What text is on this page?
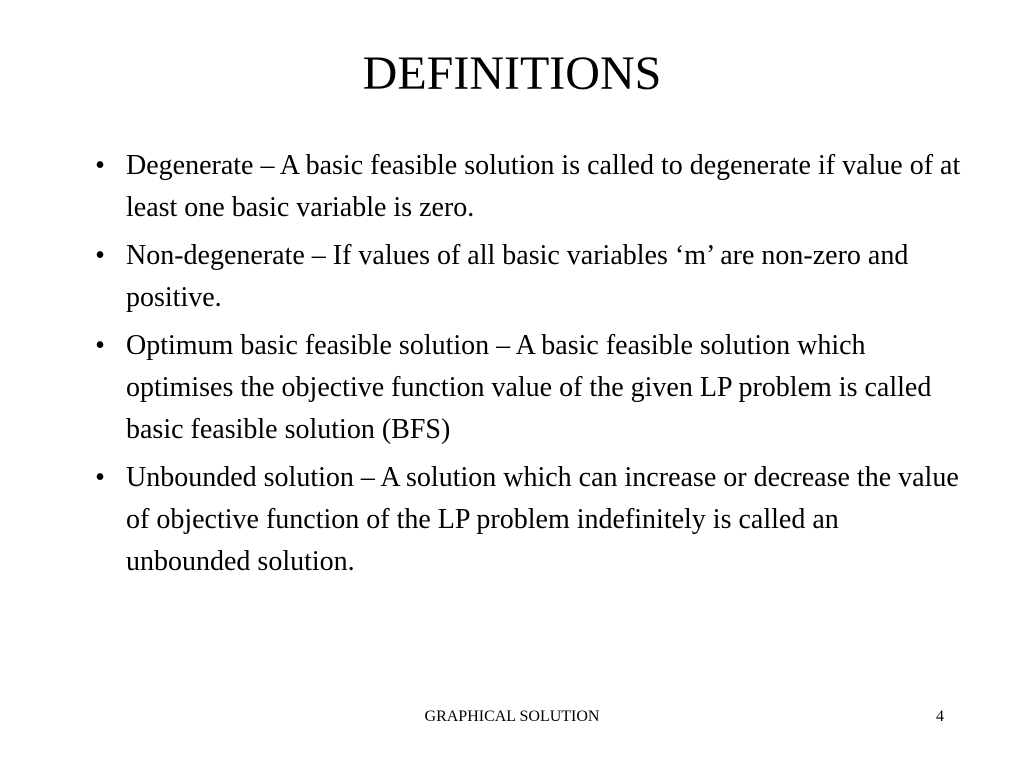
DEFINITIONS
• Degenerate – A basic feasible solution is called to degenerate if value of at least one basic variable is zero.
• Non-degenerate – If values of all basic variables ‘m’ are non-zero and positive.
• Optimum basic feasible solution – A basic feasible solution which optimises the objective function value of the given LP problem is called basic feasible solution (BFS)
• Unbounded solution – A solution which can increase or decrease the value of objective function of the LP problem indefinitely is called an unbounded solution.
GRAPHICAL SOLUTION	4
